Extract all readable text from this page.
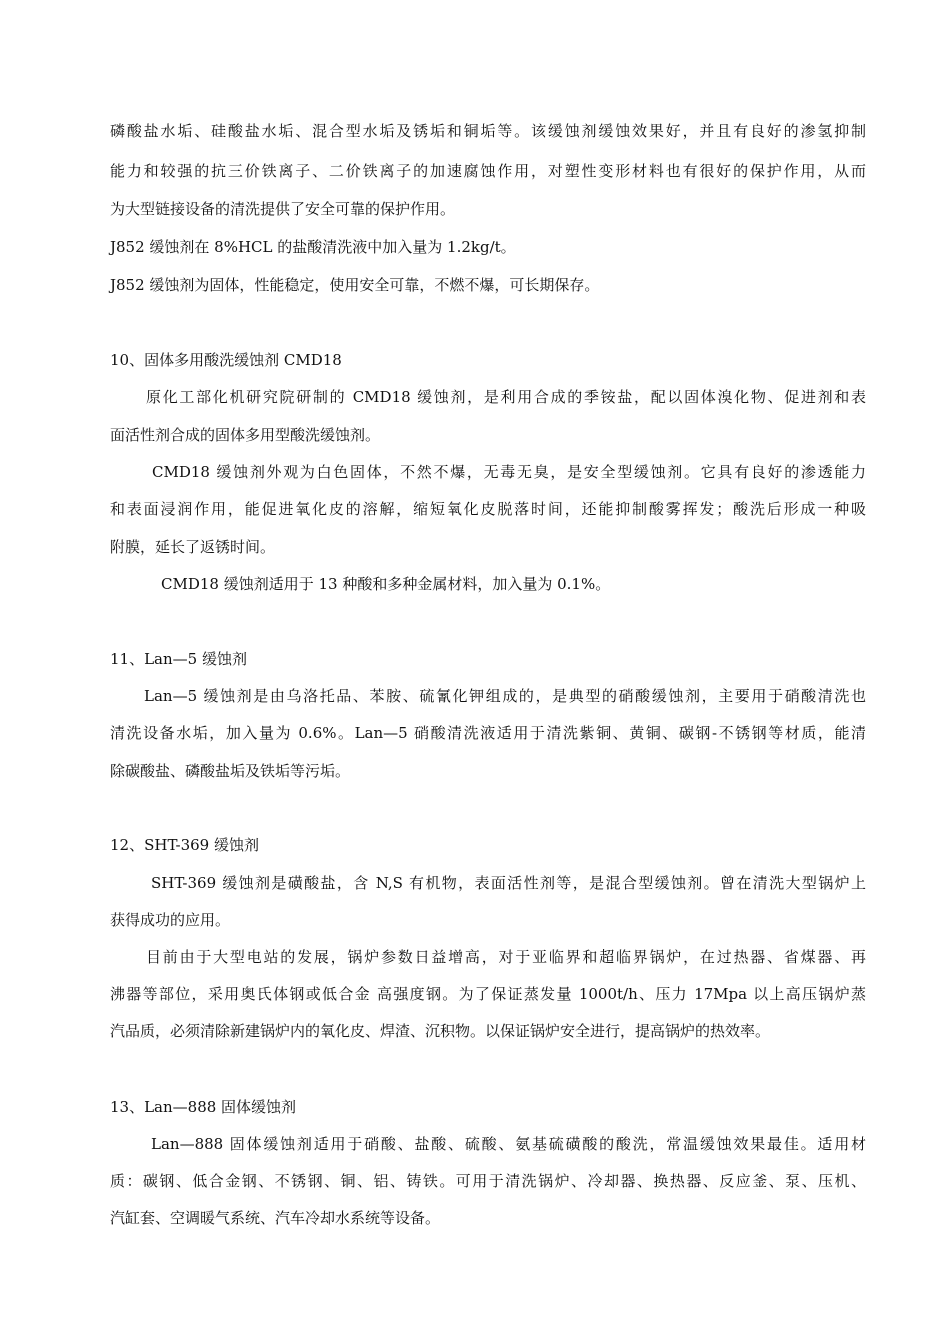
磷酸盐水垢、硅酸盐水垢、混合型水垢及锈垢和铜垢等。该缓蚀剂缓蚀效果好，并且有良好的渗氢抑制
能力和较强的抗三价铁离子、二价铁离子的加速腐蚀作用，对塑性变形材料也有很好的保护作用，从而
为大型链接设备的清洗提供了安全可靠的保护作用。
J852 缓蚀剂在 8%HCL 的盐酸清洗液中加入量为 1.2kg/t。
J852 缓蚀剂为固体，性能稳定，使用安全可靠，不燃不爆，可长期保存。
10、固体多用酸洗缓蚀剂 CMD18
原化工部化机研究院研制的 CMD18 缓蚀剂，是利用合成的季铵盐，配以固体溴化物、促进剂和表
面活性剂合成的固体多用型酸洗缓蚀剂。
CMD18 缓蚀剂外观为白色固体，不然不爆，无毒无臭，是安全型缓蚀剂。它具有良好的渗透能力
和表面浸润作用，能促进氧化皮的溶解，缩短氧化皮脱落时间，还能抑制酸雾挥发；酸洗后形成一种吸
附膜，延长了返锈时间。
CMD18 缓蚀剂适用于 13 种酸和多种金属材料，加入量为 0.1%。
11、Lan—5 缓蚀剂
Lan—5 缓蚀剂是由乌洛托品、苯胺、硫氰化钾组成的，是典型的硝酸缓蚀剂，主要用于硝酸清洗也
清洗设备水垢，加入量为 0.6%。Lan—5 硝酸清洗液适用于清洗紫铜、黄铜、碳钢-不锈钢等材质，能清
除碳酸盐、磷酸盐垢及铁垢等污垢。
12、SHT-369 缓蚀剂
SHT-369 缓蚀剂是磺酸盐，含 N,S 有机物，表面活性剂等，是混合型缓蚀剂。曾在清洗大型锅炉上
获得成功的应用。
目前由于大型电站的发展，锅炉参数日益增高，对于亚临界和超临界锅炉，在过热器、省煤器、再
沸器等部位，采用奥氏体钢或低合金 高强度钢。为了保证蒸发量 1000t/h、压力 17Mpa 以上高压锅炉蒸
汽品质，必须清除新建锅炉内的氧化皮、焊渣、沉积物。以保证锅炉安全进行，提高锅炉的热效率。
13、Lan—888 固体缓蚀剂
Lan—888 固体缓蚀剂适用于硝酸、盐酸、硫酸、氨基硫磺酸的酸洗，常温缓蚀效果最佳。适用材
质：碳钢、低合金钢、不锈钢、铜、铝、铸铁。可用于清洗锅炉、冷却器、换热器、反应釜、泵、压机、
汽缸套、空调暖气系统、汽车冷却水系统等设备。
